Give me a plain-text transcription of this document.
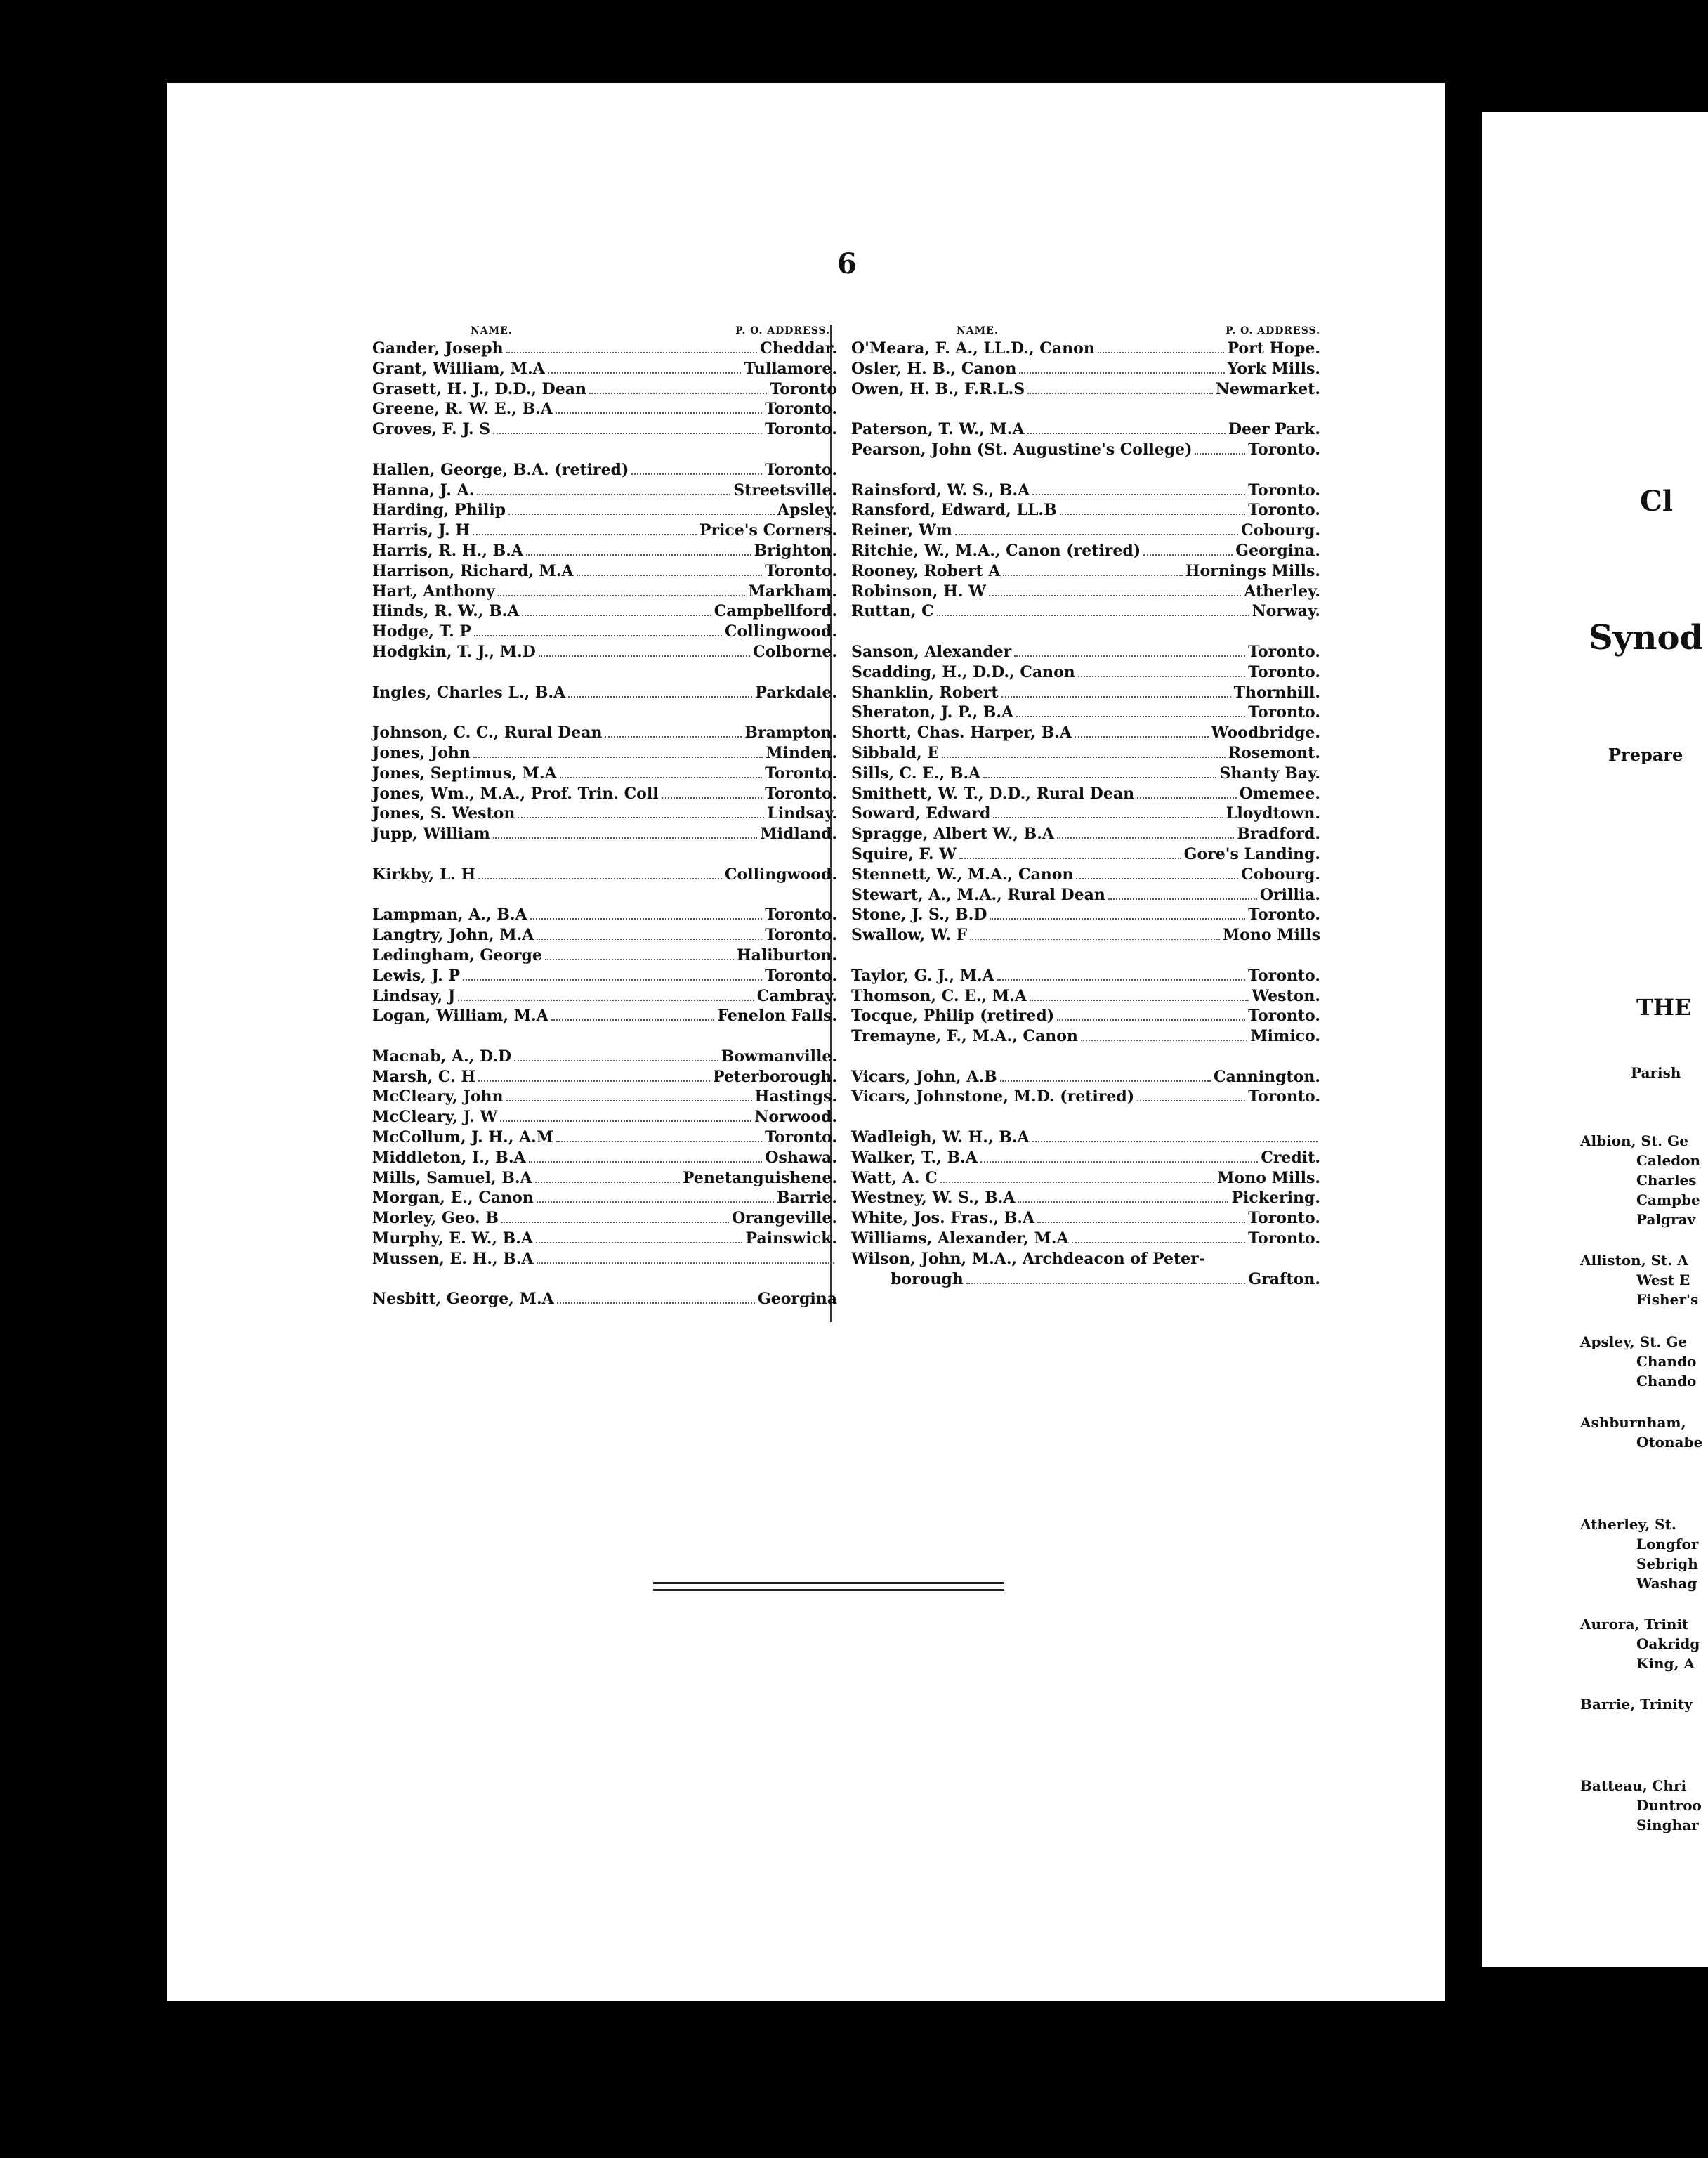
6
NAME.	P. O. ADDRESS.
Gander, Joseph	Cheddar.
Grant, William, M.A	Tullamore.
Grasett, H. J., D.D., Dean	Toronto
Greene, R. W. E., B.A	Toronto.
Groves, F. J. S	Toronto.
Hallen, George, B.A. (retired)	Toronto.
Hanna, J. A.	Streetsville.
Harding, Philip	Apsley.
Harris, J. H	Price's Corners.
Harris, R. H., B.A	Brighton.
Harrison, Richard, M.A	Toronto.
Hart, Anthony	Markham.
Hinds, R. W., B.A	Campbellford.
Hodge, T. P	Collingwood.
Hodgkin, T. J., M.D	Colborne.
Ingles, Charles L., B.A	Parkdale.
Johnson, C. C., Rural Dean	Brampton.
Jones, John	Minden.
Jones, Septimus, M.A	Toronto.
Jones, Wm., M.A., Prof. Trin. Coll	Toronto.
Jones, S. Weston	Lindsay.
Jupp, William	Midland.
Kirkby, L. H	Collingwood.
Lampman, A., B.A	Toronto.
Langtry, John, M.A	Toronto.
Ledingham, George	Haliburton.
Lewis, J. P	Toronto.
Lindsay, J	Cambray.
Logan, William, M.A	Fenelon Falls.
Macnab, A., D.D	Bowmanville.
Marsh, C. H	Peterborough.
McCleary, John	Hastings.
McCleary, J. W	Norwood.
McCollum, J. H., A.M	Toronto.
Middleton, I., B.A	Oshawa.
Mills, Samuel, B.A	Penetanguishene.
Morgan, E., Canon	Barrie.
Morley, Geo. B	Orangeville.
Murphy, E. W., B.A	Painswick.
Mussen, E. H., B.A
Nesbitt, George, M.A	Georgina
NAME.	P. O. ADDRESS.
O'Meara, F. A., LL.D., Canon	Port Hope.
Osler, H. B., Canon	York Mills.
Owen, H. B., F.R.L.S	Newmarket.
Paterson, T. W., M.A	Deer Park.
Pearson, John (St. Augustine's College)	Toronto.
Rainsford, W. S., B.A	Toronto.
Ransford, Edward, LL.B	Toronto.
Reiner, Wm	Cobourg.
Ritchie, W., M.A., Canon (retired)	Georgina.
Rooney, Robert A	Hornings Mills.
Robinson, H. W	Atherley.
Ruttan, C	Norway.
Sanson, Alexander	Toronto.
Scadding, H., D.D., Canon	Toronto.
Shanklin, Robert	Thornhill.
Sheraton, J. P., B.A	Toronto.
Shortt, Chas. Harper, B.A	Woodbridge.
Sibbald, E	Rosemont.
Sills, C. E., B.A	Shanty Bay.
Smithett, W. T., D.D., Rural Dean	Omemee.
Soward, Edward	Lloydtown.
Spragge, Albert W., B.A	Bradford.
Squire, F. W	Gore's Landing.
Stennett, W., M.A., Canon	Cobourg.
Stewart, A., M.A., Rural Dean	Orillia.
Stone, J. S., B.D	Toronto.
Swallow, W. F	Mono Mills
Taylor, G. J., M.A	Toronto.
Thomson, C. E., M.A	Weston.
Tocque, Philip (retired)	Toronto.
Tremayne, F., M.A., Canon	Mimico.
Vicars, John, A.B	Cannington.
Vicars, Johnstone, M.D. (retired)	Toronto.
Wadleigh, W. H., B.A
Walker, T., B.A	Credit.
Watt, A. C	Mono Mills.
Westney, W. S., B.A	Pickering.
White, Jos. Fras., B.A	Toronto.
Williams, Alexander, M.A	Toronto.
Wilson, John, M.A., Archdeacon of Peter-
borough	Grafton.
Cl
Synod
Prepare
THE
Parish
Albion, St. Ge
Caledon
Charles
Campbe
Palgrav
Alliston, St. A
West E
Fisher's
Apsley, St. Ge
Chando
Chando
Ashburnham,
Otonabe
Atherley, St.
Longfor
Sebrigh
Washag
Aurora, Trinit
Oakridg
King, A
Barrie, Trinity
Batteau, Chri
Duntroo
Singhar
